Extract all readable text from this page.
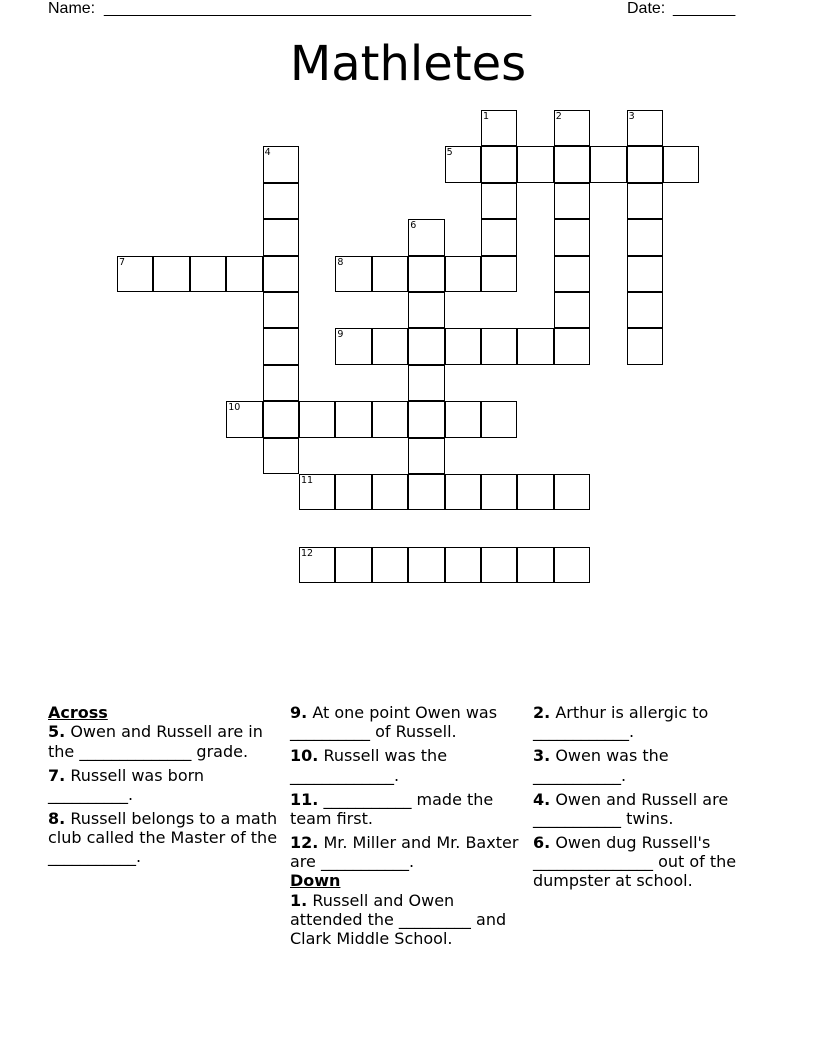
Name: ________________________________________________	Date: _______
Mathletes
5
1	2	3
4
6
7	8
9
10
11
12
Across
5. Owen and Russell are in the ______________ grade.
7. Russell was born __________.
8. Russell belongs to a math club called the Master of the ___________.
9. At one point Owen was __________ of Russell.
10. Russell was the _____________.
11. ___________ made the team first.
12. Mr. Miller and Mr. Baxter are ___________.
Down
1. Russell and Owen attended the _________ and Clark Middle School.
2. Arthur is allergic to ____________.
3. Owen was the ___________.
4. Owen and Russell are ___________ twins.
6. Owen dug Russell's _______________ out of the dumpster at school.
